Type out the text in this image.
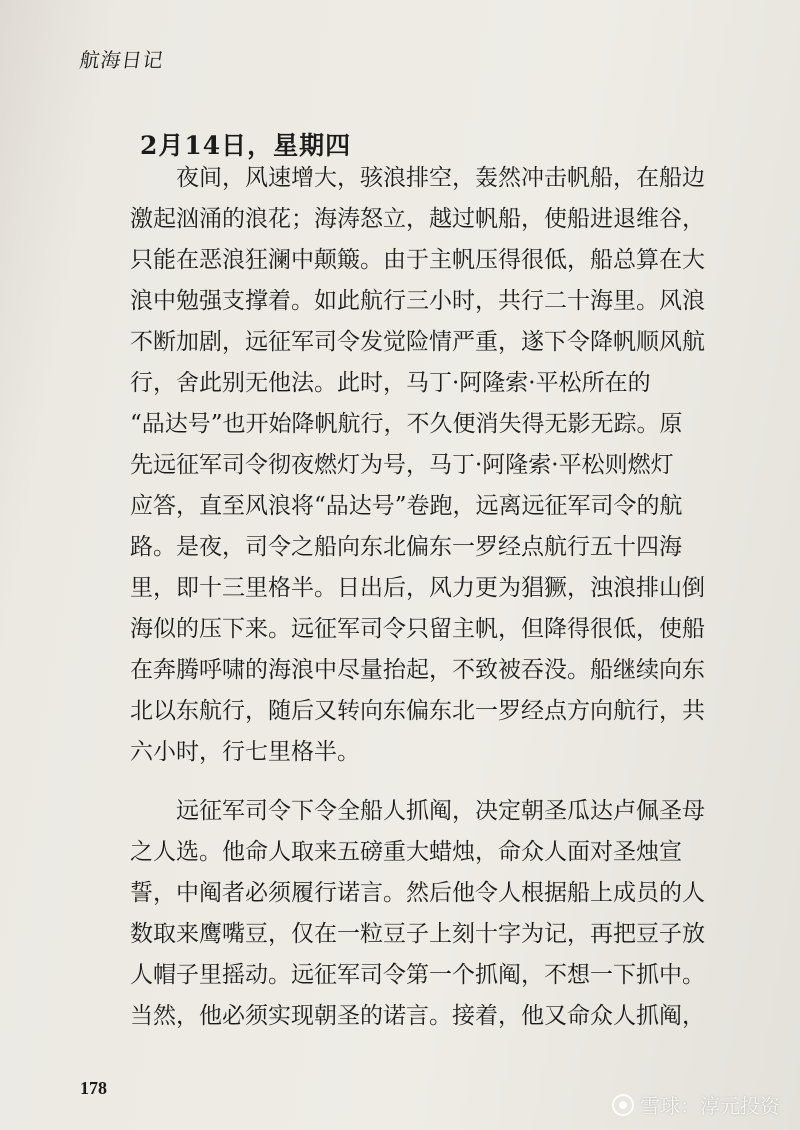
航海日记
2月14日，星期四
夜间，风速增大，骇浪排空，轰然冲击帆船，在船边
激起汹涌的浪花；海涛怒立，越过帆船，使船进退维谷，
只能在恶浪狂澜中颠簸。由于主帆压得很低，船总算在大
浪中勉强支撑着。如此航行三小时，共行二十海里。风浪
不断加剧，远征军司令发觉险情严重，遂下令降帆顺风航
行，舍此别无他法。此时，马丁·阿隆索·平松所在的
“品达号”也开始降帆航行，不久便消失得无影无踪。原
先远征军司令彻夜燃灯为号，马丁·阿隆索·平松则燃灯
应答，直至风浪将“品达号”卷跑，远离远征军司令的航
路。是夜，司令之船向东北偏东一罗经点航行五十四海
里，即十三里格半。日出后，风力更为猖獗，浊浪排山倒
海似的压下来。远征军司令只留主帆，但降得很低，使船
在奔腾呼啸的海浪中尽量抬起，不致被吞没。船继续向东
北以东航行，随后又转向东偏东北一罗经点方向航行，共
六小时，行七里格半。
远征军司令下令全船人抓阄，决定朝圣瓜达卢佩圣母
之人选。他命人取来五磅重大蜡烛，命众人面对圣烛宣
誓，中阄者必须履行诺言。然后他令人根据船上成员的人
数取来鹰嘴豆，仅在一粒豆子上刻十字为记，再把豆子放
人帽子里摇动。远征军司令第一个抓阄，不想一下抓中。
当然，他必须实现朝圣的诺言。接着，他又命众人抓阄，
178
雪球：淳元投资
